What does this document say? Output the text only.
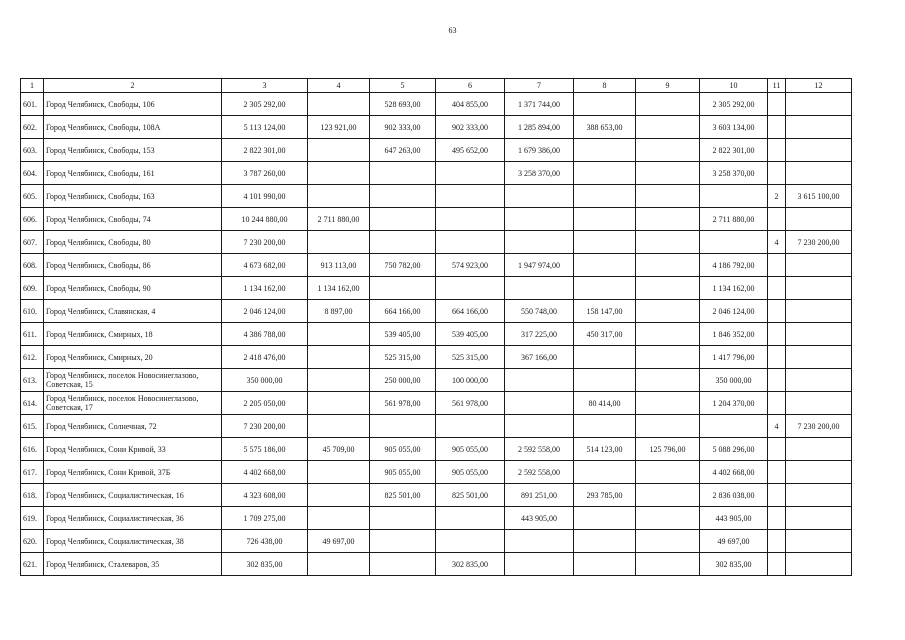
63
1	2	3	4	5	6	7	8	9	10	11	12
601.	Город Челябинск, Свободы, 106	2 305 292,00		528 693,00	404 855,00	1 371 744,00			2 305 292,00		
602.	Город Челябинск, Свободы, 108А	5 113 124,00	123 921,00	902 333,00	902 333,00	1 285 894,00	388 653,00		3 603 134,00		
603.	Город Челябинск, Свободы, 153	2 822 301,00		647 263,00	495 652,00	1 679 386,00			2 822 301,00		
604.	Город Челябинск, Свободы, 161	3 787 260,00				3 258 370,00			3 258 370,00		
605.	Город Челябинск, Свободы, 163	4 101 990,00								2	3 615 100,00
606.	Город Челябинск, Свободы, 74	10 244 880,00	2 711 880,00						2 711 880,00		
607.	Город Челябинск, Свободы, 80	7 230 200,00								4	7 230 200,00
608.	Город Челябинск, Свободы, 86	4 673 682,00	913 113,00	750 782,00	574 923,00	1 947 974,00			4 186 792,00		
609.	Город Челябинск, Свободы, 90	1 134 162,00	1 134 162,00						1 134 162,00		
610.	Город Челябинск, Славянская, 4	2 046 124,00	8 897,00	664 166,00	664 166,00	550 748,00	158 147,00		2 046 124,00		
611.	Город Челябинск, Смирных, 18	4 386 788,00		539 405,00	539 405,00	317 225,00	450 317,00		1 846 352,00		
612.	Город Челябинск, Смирных, 20	2 418 476,00		525 315,00	525 315,00	367 166,00			1 417 796,00		
613.	Город Челябинск, поселок Новосинеглазово, Советская, 15	350 000,00		250 000,00	100 000,00				350 000,00		
614.	Город Челябинск, поселок Новосинеглазово, Советская, 17	2 205 050,00		561 978,00	561 978,00		80 414,00		1 204 370,00		
615.	Город Челябинск, Солнечная, 72	7 230 200,00								4	7 230 200,00
616.	Город Челябинск, Сони Кривой, 33	5 575 186,00	45 709,00	905 055,00	905 055,00	2 592 558,00	514 123,00	125 796,00	5 088 296,00		
617.	Город Челябинск, Сони Кривой, 37Б	4 402 668,00		905 055,00	905 055,00	2 592 558,00			4 402 668,00		
618.	Город Челябинск, Социалистическая, 16	4 323 608,00		825 501,00	825 501,00	891 251,00	293 785,00		2 836 038,00		
619.	Город Челябинск, Социалистическая, 36	1 709 275,00				443 905,00			443 905,00		
620.	Город Челябинск, Социалистическая, 38	726 438,00	49 697,00						49 697,00		
621.	Город Челябинск, Сталеваров, 35	302 835,00			302 835,00				302 835,00		
